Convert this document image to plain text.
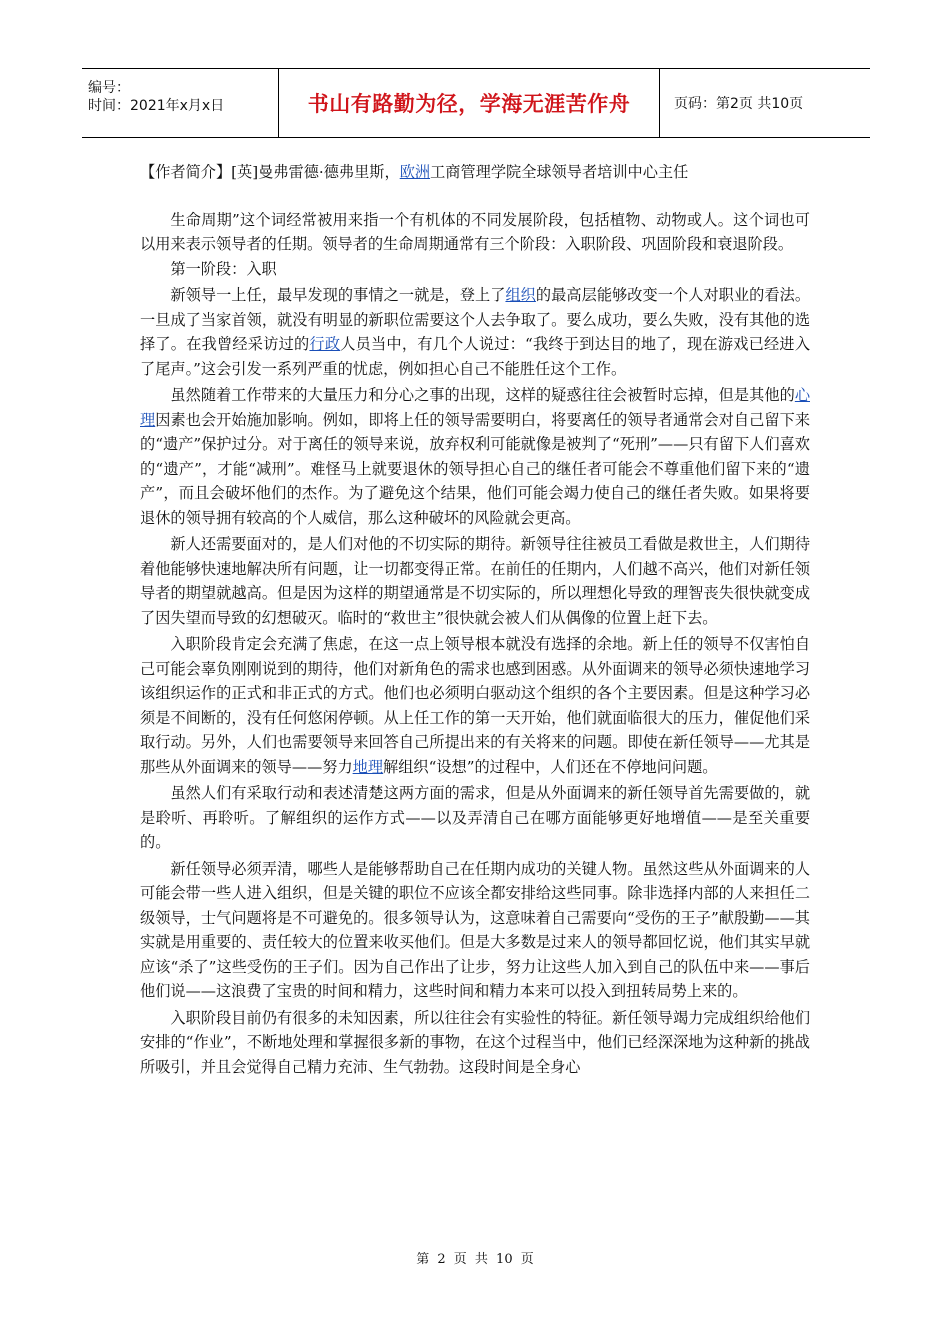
编号：
时间：2021年x月x日	书山有路勤为径，学海无涯苦作舟	页码：第2页 共10页

【作者简介】[英]曼弗雷德·德弗里斯，欧洲工商管理学院全球领导者培训中心主任

生命周期”这个词经常被用来指一个有机体的不同发展阶段，包括植物、动物或人。这个词也可以用来表示领导者的任期。领导者的生命周期通常有三个阶段：入职阶段、巩固阶段和衰退阶段。

第一阶段：入职

新领导一上任，最早发现的事情之一就是，登上了组织的最高层能够改变一个人对职业的看法。一旦成了当家首领，就没有明显的新职位需要这个人去争取了。要么成功，要么失败，没有其他的选择了。在我曾经采访过的行政人员当中，有几个人说过：“我终于到达目的地了，现在游戏已经进入了尾声。”这会引发一系列严重的忧虑，例如担心自己不能胜任这个工作。

虽然随着工作带来的大量压力和分心之事的出现，这样的疑惑往往会被暂时忘掉，但是其他的心理因素也会开始施加影响。例如，即将上任的领导需要明白，将要离任的领导者通常会对自己留下来的“遗产”保护过分。对于离任的领导来说，放弃权利可能就像是被判了“死刑”——只有留下人们喜欢的“遗产”，才能“减刑”。难怪马上就要退休的领导担心自己的继任者可能会不尊重他们留下来的“遗产”，而且会破坏他们的杰作。为了避免这个结果，他们可能会竭力使自己的继任者失败。如果将要退休的领导拥有较高的个人威信，那么这种破坏的风险就会更高。

新人还需要面对的，是人们对他的不切实际的期待。新领导往往被员工看做是救世主，人们期待着他能够快速地解决所有问题，让一切都变得正常。在前任的任期内，人们越不高兴，他们对新任领导者的期望就越高。但是因为这样的期望通常是不切实际的，所以理想化导致的理智丧失很快就变成了因失望而导致的幻想破灭。临时的“救世主”很快就会被人们从偶像的位置上赶下去。

入职阶段肯定会充满了焦虑，在这一点上领导根本就没有选择的余地。新上任的领导不仅害怕自己可能会辜负刚刚说到的期待，他们对新角色的需求也感到困惑。从外面调来的领导必须快速地学习该组织运作的正式和非正式的方式。他们也必须明白驱动这个组织的各个主要因素。但是这种学习必须是不间断的，没有任何悠闲停顿。从上任工作的第一天开始，他们就面临很大的压力，催促他们采取行动。另外，人们也需要领导来回答自己所提出来的有关将来的问题。即使在新任领导——尤其是那些从外面调来的领导——努力地理解组织“设想”的过程中，人们还在不停地问问题。

虽然人们有采取行动和表述清楚这两方面的需求，但是从外面调来的新任领导首先需要做的，就是聆听、再聆听。了解组织的运作方式——以及弄清自己在哪方面能够更好地增值——是至关重要的。

新任领导必须弄清，哪些人是能够帮助自己在任期内成功的关键人物。虽然这些从外面调来的人可能会带一些人进入组织，但是关键的职位不应该全都安排给这些同事。除非选择内部的人来担任二级领导，士气问题将是不可避免的。很多领导认为，这意味着自己需要向“受伤的王子”献殷勤——其实就是用重要的、责任较大的位置来收买他们。但是大多数是过来人的领导都回忆说，他们其实早就应该“杀了”这些受伤的王子们。因为自己作出了让步，努力让这些人加入到自己的队伍中来——事后他们说——这浪费了宝贵的时间和精力，这些时间和精力本来可以投入到扭转局势上来的。

入职阶段目前仍有很多的未知因素，所以往往会有实验性的特征。新任领导竭力完成组织给他们安排的“作业”，不断地处理和掌握很多新的事物，在这个过程当中，他们已经深深地为这种新的挑战所吸引，并且会觉得自己精力充沛、生气勃勃。这段时间是全身心

第 2 页 共 10 页
